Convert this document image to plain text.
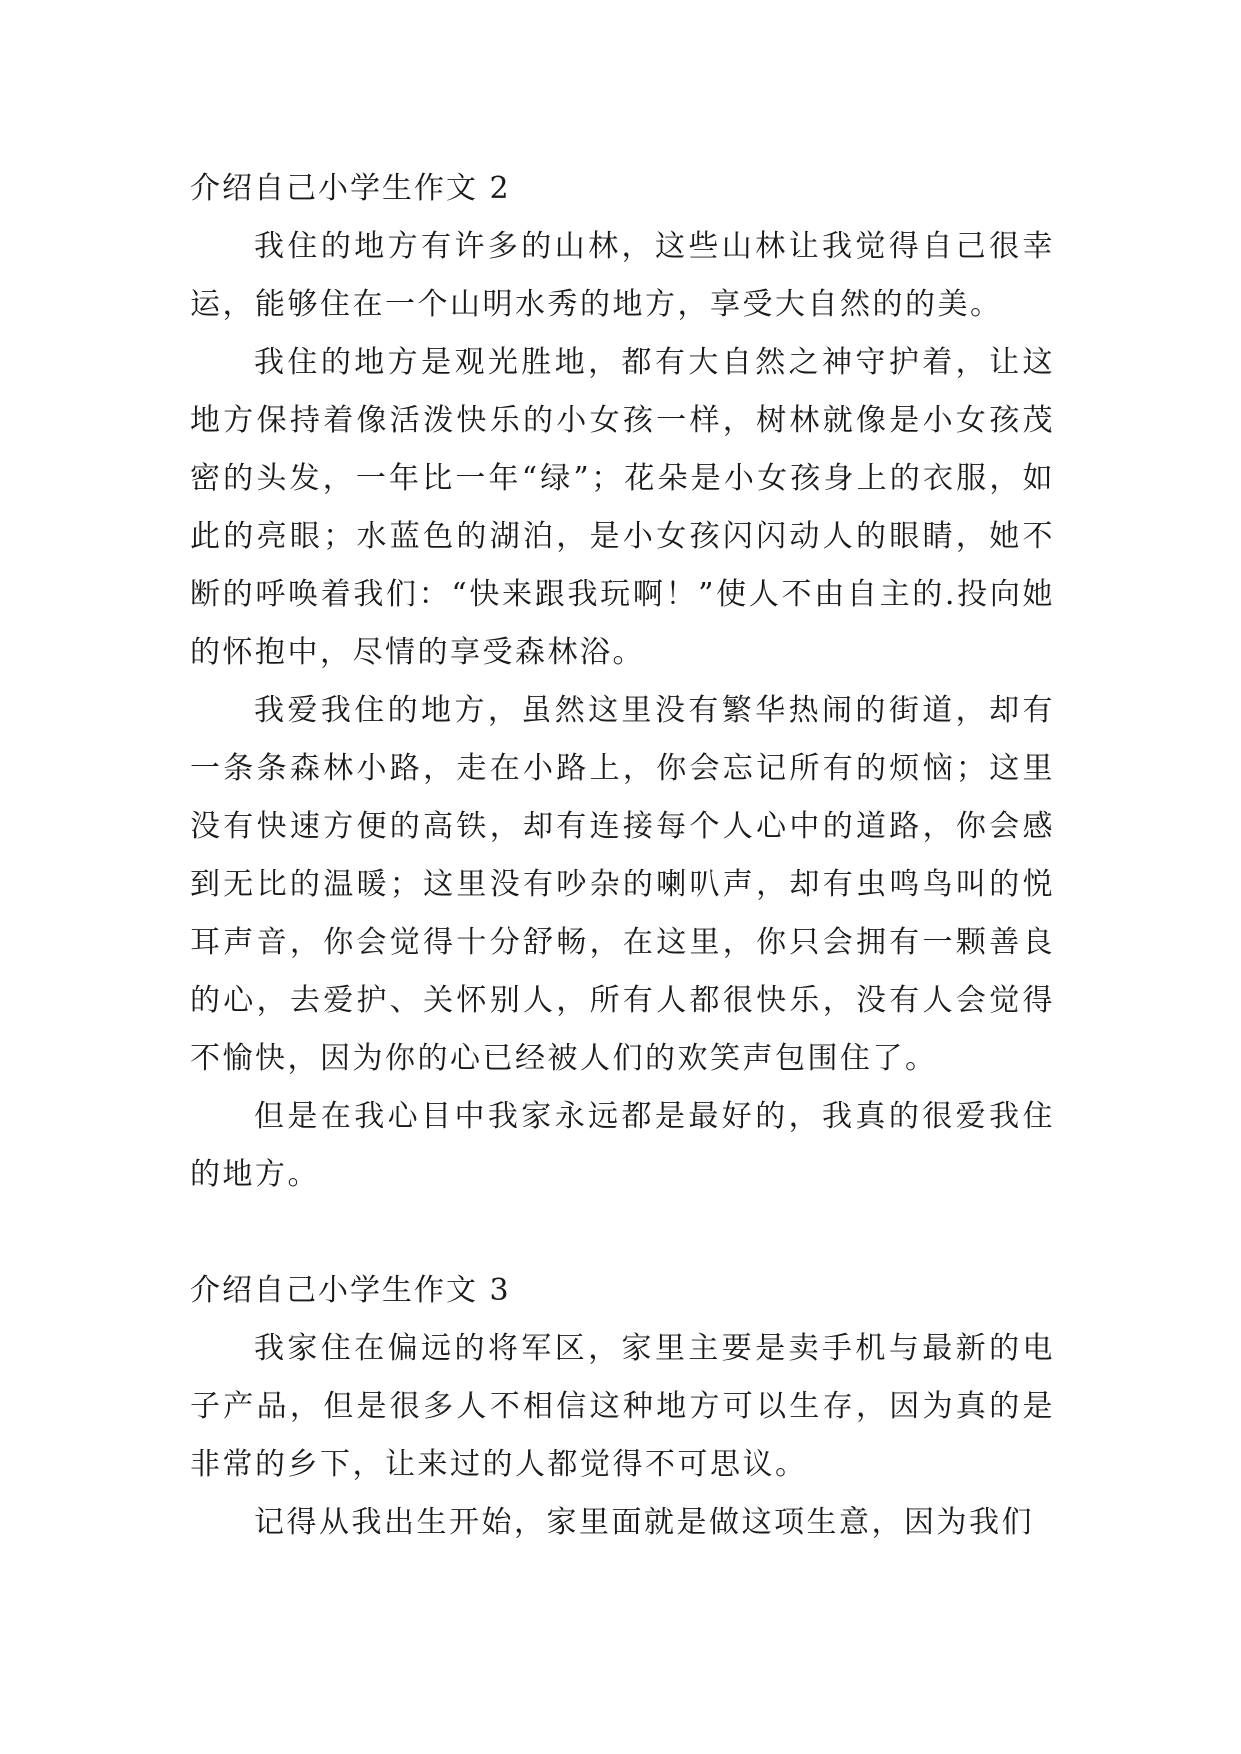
介绍自己小学生作文 2

我住的地方有许多的山林，这些山林让我觉得自己很幸运，能够住在一个山明水秀的地方，享受大自然的的美。

我住的地方是观光胜地，都有大自然之神守护着，让这地方保持着像活泼快乐的小女孩一样，树林就像是小女孩茂密的头发，一年比一年“绿”；花朵是小女孩身上的衣服，如此的亮眼；水蓝色的湖泊，是小女孩闪闪动人的眼睛，她不断的呼唤着我们：“快来跟我玩啊！”使人不由自主的.投向她的怀抱中，尽情的享受森林浴。

我爱我住的地方，虽然这里没有繁华热闹的街道，却有一条条森林小路，走在小路上，你会忘记所有的烦恼；这里没有快速方便的高铁，却有连接每个人心中的道路，你会感到无比的温暖；这里没有吵杂的喇叭声，却有虫鸣鸟叫的悦耳声音，你会觉得十分舒畅，在这里，你只会拥有一颗善良的心，去爱护、关怀别人，所有人都很快乐，没有人会觉得不愉快，因为你的心已经被人们的欢笑声包围住了。

但是在我心目中我家永远都是最好的，我真的很爱我住的地方。

介绍自己小学生作文 3

我家住在偏远的将军区，家里主要是卖手机与最新的电子产品，但是很多人不相信这种地方可以生存，因为真的是非常的乡下，让来过的人都觉得不可思议。

记得从我出生开始，家里面就是做这项生意，因为我们
